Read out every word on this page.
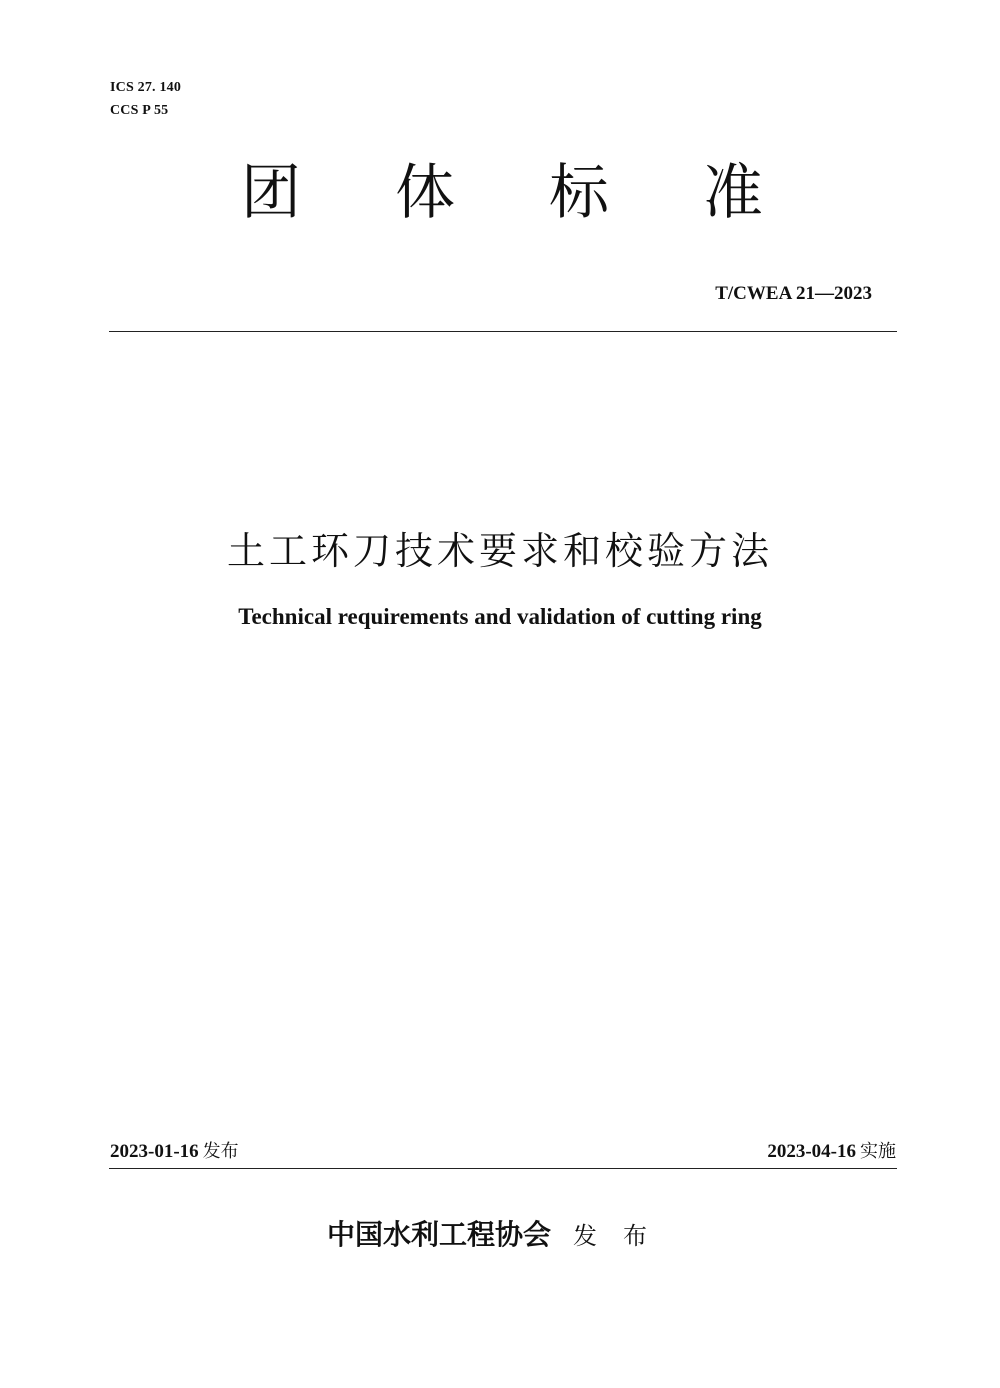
ICS 27. 140
CCS P 55
团 体 标 准
T/CWEA 21—2023
土工环刀技术要求和校验方法
Technical requirements and validation of cutting ring
2023-01-16 发布	2023-04-16 实施
中国水利工程协会 发布
